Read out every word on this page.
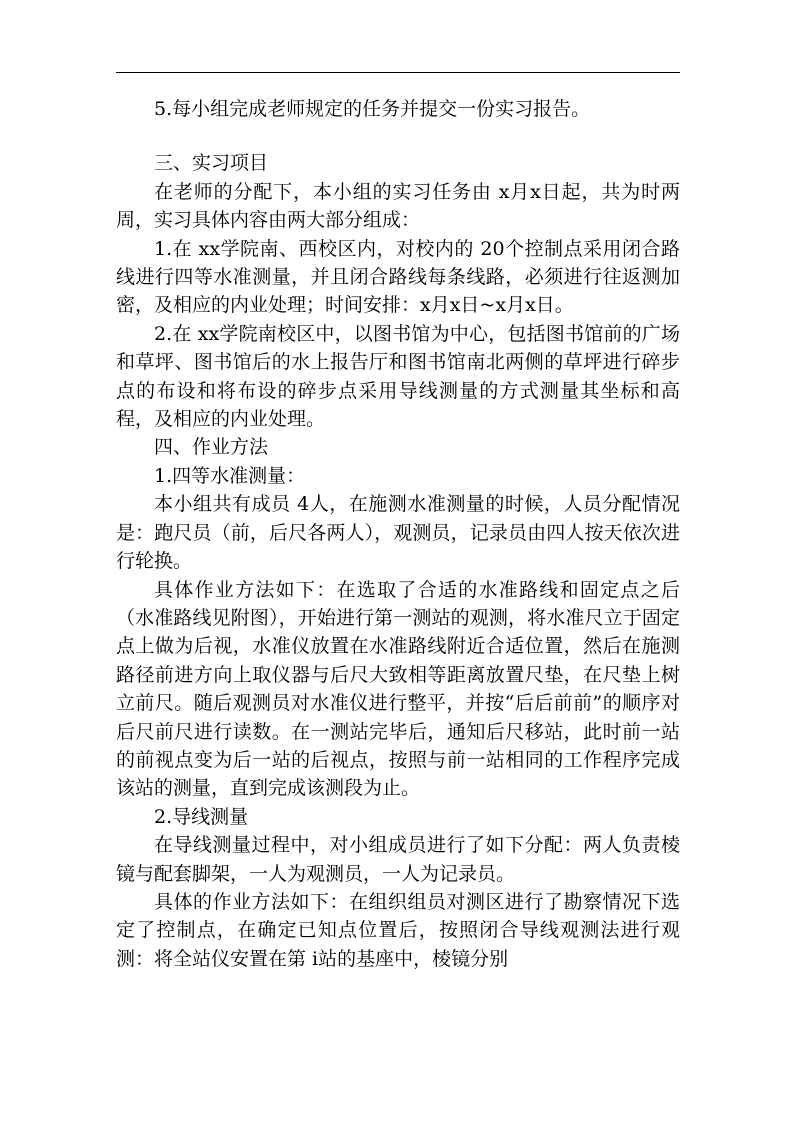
5.每小组完成老师规定的任务并提交一份实习报告。

三、实习项目

在老师的分配下，本小组的实习任务由 x月x日起，共为时两周，实习具体内容由两大部分组成：

1.在 xx学院南、西校区内，对校内的 20个控制点采用闭合路线进行四等水准测量，并且闭合路线每条线路，必须进行往返测加密，及相应的内业处理；时间安排：x月x日~x月x日。

2.在 xx学院南校区中，以图书馆为中心，包括图书馆前的广场和草坪、图书馆后的水上报告厅和图书馆南北两侧的草坪进行碎步点的布设和将布设的碎步点采用导线测量的方式测量其坐标和高程，及相应的内业处理。

四、作业方法

1.四等水准测量：

本小组共有成员 4人，在施测水准测量的时候，人员分配情况是：跑尺员（前，后尺各两人），观测员，记录员由四人按天依次进行轮换。

具体作业方法如下：在选取了合适的水准路线和固定点之后（水准路线见附图），开始进行第一测站的观测，将水准尺立于固定点上做为后视，水准仪放置在水准路线附近合适位置，然后在施测路径前进方向上取仪器与后尺大致相等距离放置尺垫，在尺垫上树立前尺。随后观测员对水准仪进行整平，并按“后后前前”的顺序对后尺前尺进行读数。在一测站完毕后，通知后尺移站，此时前一站的前视点变为后一站的后视点，按照与前一站相同的工作程序完成该站的测量，直到完成该测段为止。

2.导线测量

在导线测量过程中，对小组成员进行了如下分配：两人负责棱镜与配套脚架，一人为观测员，一人为记录员。

具体的作业方法如下：在组织组员对测区进行了勘察情况下选定了控制点，在确定已知点位置后，按照闭合导线观测法进行观测：将全站仪安置在第 i站的基座中，棱镜分别
